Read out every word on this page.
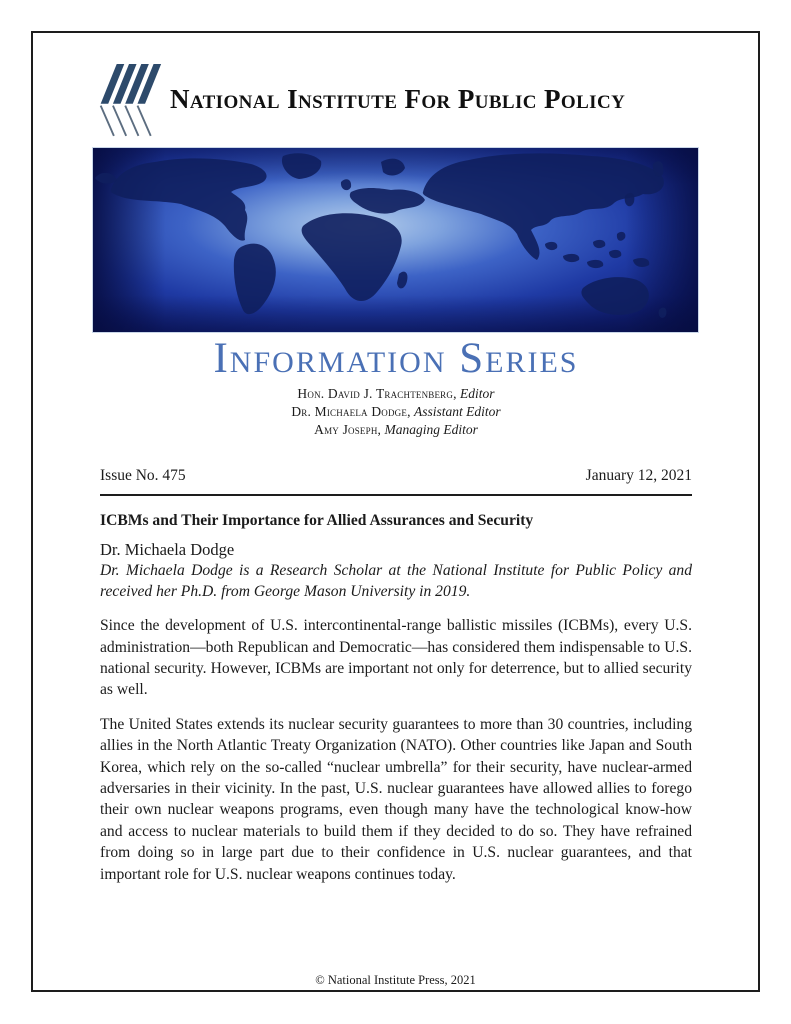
National Institute For Public Policy
Information Series

Hon. David J. Trachtenberg, Editor

Dr. Michaela Dodge, Assistant Editor

Amy Joseph, Managing Editor

Issue No. 475	January 12, 2021
ICBMs and Their Importance for Allied Assurances and Security

Dr. Michaela Dodge

Dr. Michaela Dodge is a Research Scholar at the National Institute for Public Policy and received her Ph.D. from George Mason University in 2019.

Since the development of U.S. intercontinental-range ballistic missiles (ICBMs), every U.S. administration—both Republican and Democratic—has considered them indispensable to U.S. national security. However, ICBMs are important not only for deterrence, but to allied security as well.

The United States extends its nuclear security guarantees to more than 30 countries, including allies in the North Atlantic Treaty Organization (NATO). Other countries like Japan and South Korea, which rely on the so-called “nuclear umbrella” for their security, have nuclear-armed adversaries in their vicinity. In the past, U.S. nuclear guarantees have allowed allies to forego their own nuclear weapons programs, even though many have the technological know-how and access to nuclear materials to build them if they decided to do so. They have refrained from doing so in large part due to their confidence in U.S. nuclear guarantees, and that important role for U.S. nuclear weapons continues today.

© National Institute Press, 2021
